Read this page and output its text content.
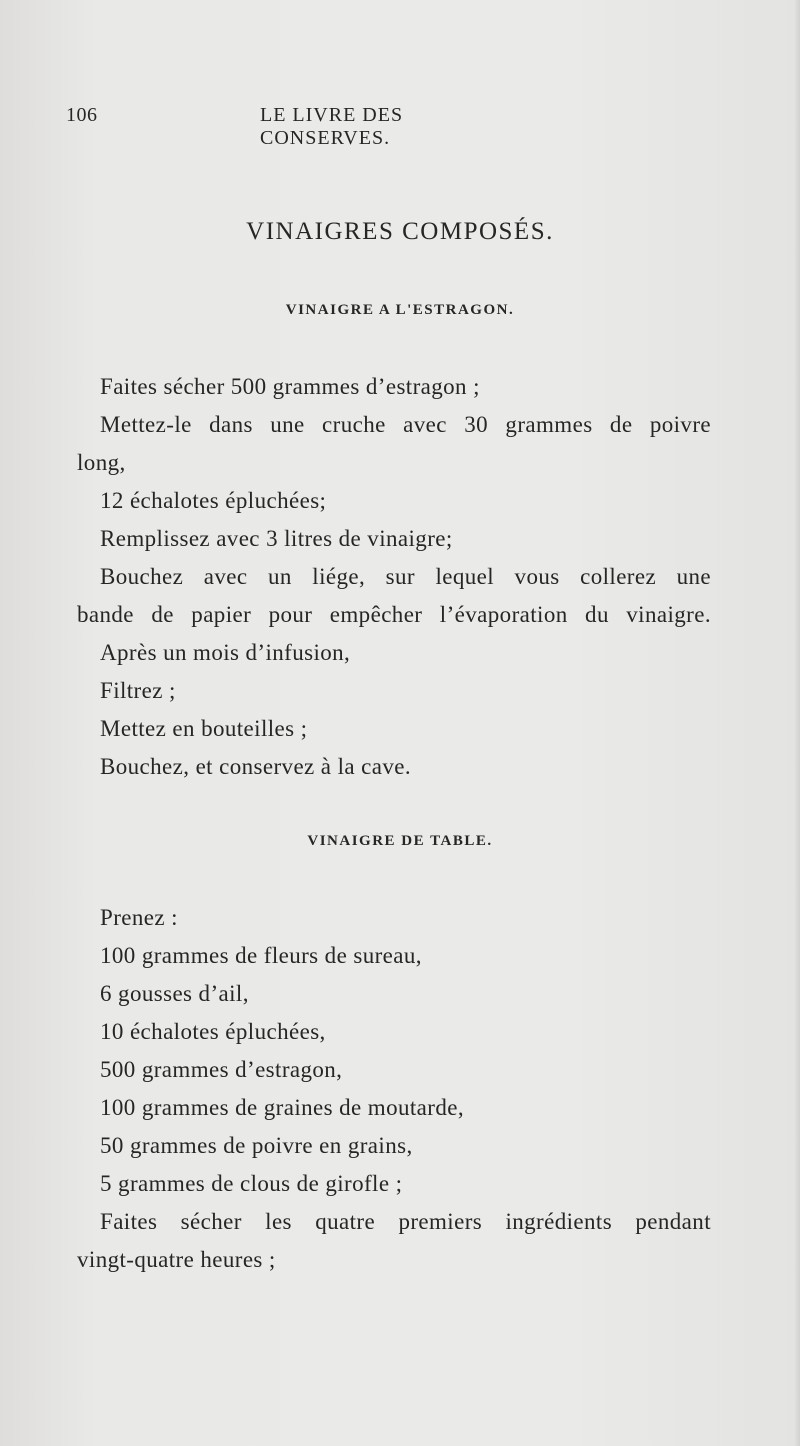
106	LE LIVRE DES CONSERVES.
VINAIGRES COMPOSÉS.
VINAIGRE A L'ESTRAGON.
Faites sécher 500 grammes d’estragon ;
Mettez-le dans une cruche avec 30 grammes de poivre
long,
12 échalotes épluchées;
Remplissez avec 3 litres de vinaigre;
Bouchez avec un liége, sur lequel vous collerez une
bande de papier pour empêcher l’évaporation du vinaigre.
Après un mois d’infusion,
Filtrez ;
Mettez en bouteilles ;
Bouchez, et conservez à la cave.
VINAIGRE DE TABLE.
Prenez :
100 grammes de fleurs de sureau,
6 gousses d’ail,
10 échalotes épluchées,
500 grammes d’estragon,
100 grammes de graines de moutarde,
50 grammes de poivre en grains,
5 grammes de clous de girofle ;
Faites sécher les quatre premiers ingrédients pendant
vingt-quatre heures ;
